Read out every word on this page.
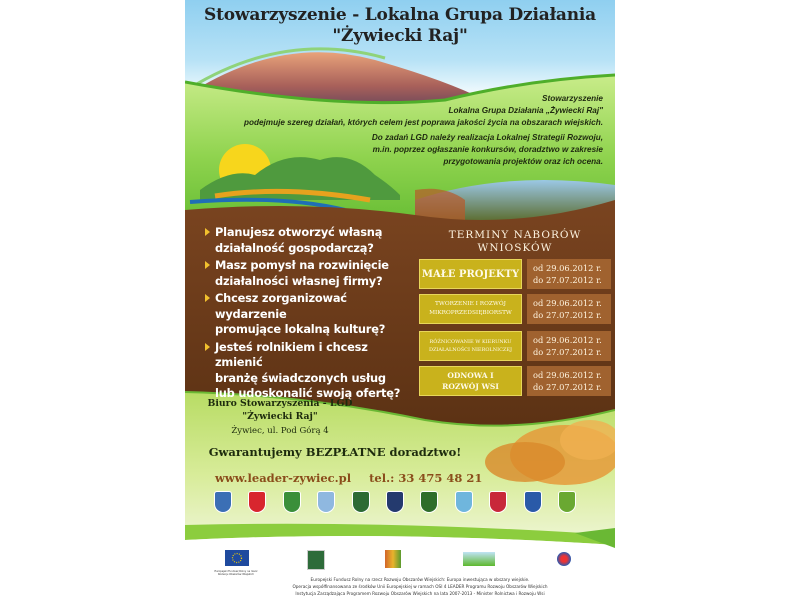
Stowarzyszenie - Lokalna Grupa Działania
"Żywiecki Raj"
Stowarzyszenie
Lokalna Grupa Działania „Żywiecki Raj"
podejmuje szereg działań, których celem jest poprawa jakości życia na obszarach wiejskich.
Do zadań LGD należy realizacja Lokalnej Strategii Rozwoju,
m.in. poprzez ogłaszanie konkursów, doradztwo w zakresie
przygotowania projektów oraz ich ocena.
Planujesz otworzyć własną
działalność gospodarczą?
Masz pomysł na rozwinięcie
działalności własnej firmy?
Chcesz zorganizować wydarzenie
promujące lokalną kulturę?
Jesteś rolnikiem i chcesz zmienić
branżę świadczonych usług
lub udoskonalić swoją ofertę?
TERMINY NABORÓW
WNIOSKÓW
MAŁE PROJEKTY
od 29.06.2012 r.
do 27.07.2012 r.
TWORZENIE I ROZWÓJ MIKROPRZEDSIĘBIORSTW
od 29.06.2012 r.
do 27.07.2012 r.
RÓŻNICOWANIE W KIERUNKU DZIAŁALNOŚCI NIEROLNICZEJ
od 29.06.2012 r.
do 27.07.2012 r.
ODNOWA I ROZWÓJ WSI
od 29.06.2012 r.
do 27.07.2012 r.
Biuro Stowarzyszenia - LGD
"Żywiecki Raj"
Żywiec, ul. Pod Górą 4
Gwarantujemy BEZPŁATNE doradztwo!
www.leader-zywiec.pl tel.: 33 475 48 21
Europejski Fundusz Rolny na rzecz Rozwoju Obszarów Wiejskich
Europejski Fundusz Rolny na rzecz Rozwoju Obszarów Wiejskich: Europa inwestująca w obszary wiejskie.
Operacja współfinansowana ze środków Unii Europejskiej w ramach OSI 4 LEADER Programu Rozwoju Obszarów Wiejskich
Instytucja Zarządzająca Programem Rozwoju Obszarów Wiejskich na lata 2007-2013 - Minister Rolnictwa i Rozwoju Wsi
